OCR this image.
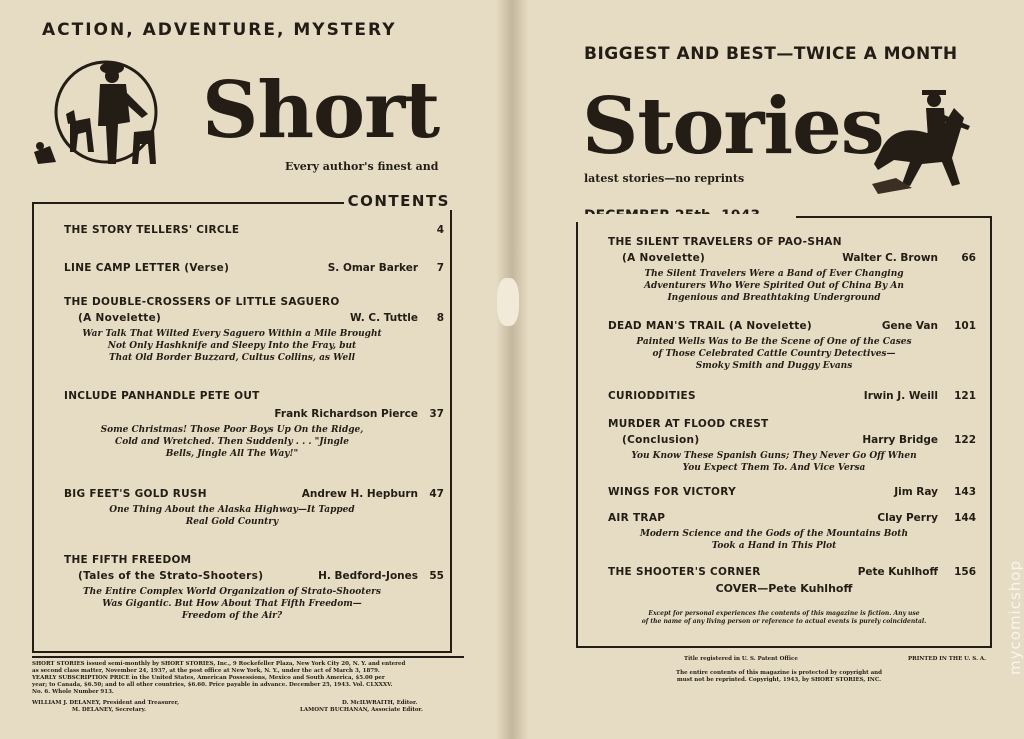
ACTION, ADVENTURE, MYSTERY
Short
Every author's finest and
CONTENTS
THE STORY TELLERS' CIRCLE	4
LINE CAMP LETTER (Verse)	S. Omar Barker 7
THE DOUBLE-CROSSERS OF LITTLE SAGUERO
(A Novelette)	W. C. Tuttle 8
War Talk That Wilted Every Saguero Within a Mile Brought
Not Only Hashknife and Sleepy Into the Fray, but
That Old Border Buzzard, Cultus Collins, as Well
INCLUDE PANHANDLE PETE OUT
Frank Richardson Pierce 37
Some Christmas! Those Poor Boys Up On the Ridge,
Cold and Wretched. Then Suddenly . . . "Jingle
Bells, Jingle All The Way!"
BIG FEET'S GOLD RUSH	Andrew H. Hepburn 47
One Thing About the Alaska Highway—It Tapped
Real Gold Country
THE FIFTH FREEDOM
(Tales of the Strato-Shooters)	H. Bedford-Jones 55
The Entire Complex World Organization of Strato-Shooters
Was Gigantic. But How About That Fifth Freedom—
Freedom of the Air?
SHORT STORIES issued semi-monthly by SHORT STORIES, Inc., 9 Rockefeller Plaza, New York City 20, N. Y. and entered
as second class matter, November 24, 1937, at the post office at New York, N. Y., under the act of March 3, 1879.
YEARLY SUBSCRIPTION PRICE in the United States, American Possessions, Mexico and South America, $5.00 per
year; to Canada, $6.50; and to all other countries, $6.60. Price payable in advance. December 25, 1943. Vol. CLXXXV.
No. 6. Whole Number 913.
WILLIAM J. DELANEY, President and Treasurer,
M. DELANEY, Secretary.
D. McILWRAITH, Editor.
LAMONT BUCHANAN, Associate Editor.
BIGGEST AND BEST—TWICE A MONTH
Stories
latest stories—no reprints
THE SILENT TRAVELERS OF PAO-SHAN
(A Novelette)	Walter C. Brown 66
The Silent Travelers Were a Band of Ever Changing
Adventurers Who Were Spirited Out of China By An
Ingenious and Breathtaking Underground
DEAD MAN'S TRAIL (A Novelette)	Gene Van 101
Painted Wells Was to Be the Scene of One of the Cases
of Those Celebrated Cattle Country Detectives—
Smoky Smith and Duggy Evans
CURIODDITIES	Irwin J. Weill 121
MURDER AT FLOOD CREST
(Conclusion)	Harry Bridge 122
You Know These Spanish Guns; They Never Go Off When
You Expect Them To. And Vice Versa
WINGS FOR VICTORY	Jim Ray 143
AIR TRAP	Clay Perry 144
Modern Science and the Gods of the Mountains Both
Took a Hand in This Plot
THE SHOOTER'S CORNER	Pete Kuhlhoff 156
COVER—Pete Kuhlhoff
Except for personal experiences the contents of this magazine is fiction. Any use
of the name of any living person or reference to actual events is purely coincidental.
Title registered in U. S. Patent Office	PRINTED IN THE U. S. A.
The entire contents of this magazine is protected by copyright and
must not be reprinted. Copyright, 1943, by SHORT STORIES, INC.
mycomicshop
